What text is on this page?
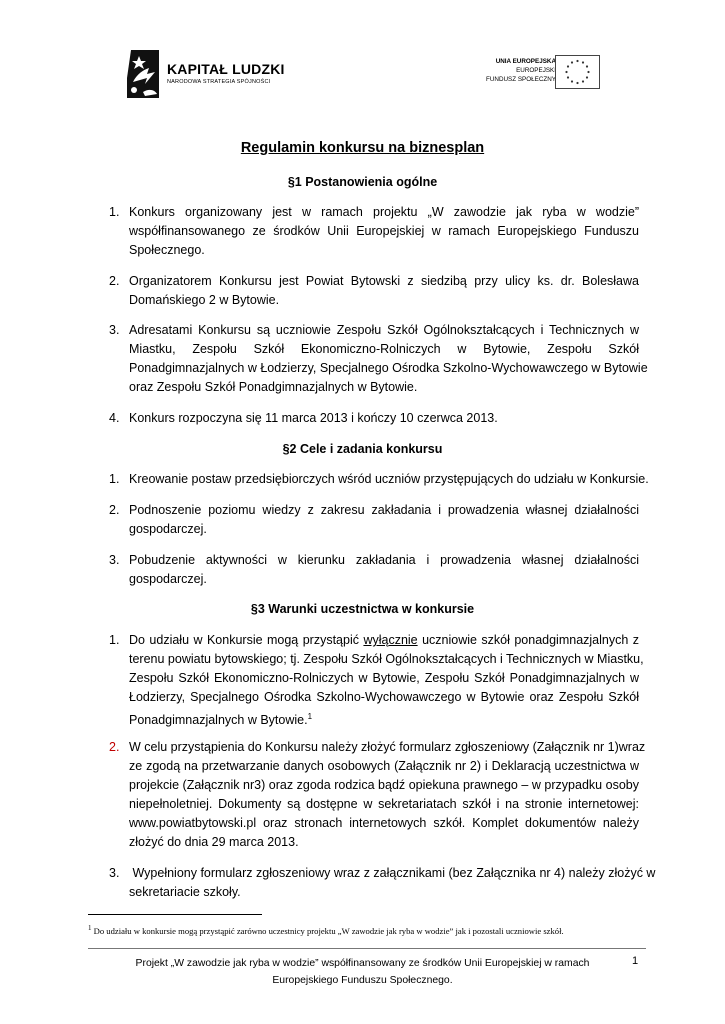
KAPITAŁ LUDZKI
NARODOWA STRATEGIA SPÓJNOŚCI
UNIA EUROPEJSKA
EUROPEJSKI
FUNDUSZ SPOŁECZNY
Regulamin konkursu na biznesplan
§1 Postanowienia ogólne
1. Konkurs organizowany jest w ramach projektu „W zawodzie jak ryba w wodzie”
współfinansowanego ze środków Unii Europejskiej w ramach Europejskiego Funduszu
Społecznego.
2. Organizatorem Konkursu jest Powiat Bytowski z siedzibą przy ulicy ks. dr. Bolesława
Domańskiego 2 w Bytowie.
3. Adresatami Konkursu są uczniowie Zespołu Szkół Ogólnokształcących i Technicznych w
Miastku, Zespołu Szkół Ekonomiczno-Rolniczych w Bytowie, Zespołu Szkół
Ponadgimnazjalnych w Łodzierzy, Specjalnego Ośrodka Szkolno-Wychowawczego w Bytowie
oraz Zespołu Szkół Ponadgimnazjalnych w Bytowie.
4. Konkurs rozpoczyna się 11 marca 2013 i kończy 10 czerwca 2013.
§2 Cele i zadania konkursu
1. Kreowanie postaw przedsiębiorczych wśród uczniów przystępujących do udziału w Konkursie.
2. Podnoszenie poziomu wiedzy z zakresu zakładania i prowadzenia własnej działalności
gospodarczej.
3. Pobudzenie aktywności w kierunku zakładania i prowadzenia własnej działalności
gospodarczej.
§3 Warunki uczestnictwa w konkursie
1. Do udziału w Konkursie mogą przystąpić wyłącznie uczniowie szkół ponadgimnazjalnych z
terenu powiatu bytowskiego; tj. Zespołu Szkół Ogólnokształcących i Technicznych w Miastku,
Zespołu Szkół Ekonomiczno-Rolniczych w Bytowie, Zespołu Szkół Ponadgimnazjalnych w
Łodzierzy, Specjalnego Ośrodka Szkolno-Wychowawczego w Bytowie oraz Zespołu Szkół
Ponadgimnazjalnych w Bytowie.$^1$
2. W celu przystąpienia do Konkursu należy złożyć formularz zgłoszeniowy (Załącznik nr 1)wraz
ze zgodą na przetwarzanie danych osobowych (Załącznik nr 2) i Deklaracją uczestnictwa w
projekcie (Załącznik nr3) oraz zgoda rodzica bądź opiekuna prawnego – w przypadku osoby
niepełnoletniej. Dokumenty są dostępne w sekretariatach szkół i na stronie internetowej:
www.powiatbytowski.pl oraz stronach internetowych szkół. Komplet dokumentów należy
złożyć do dnia 29 marca 2013.
3. Wypełniony formularz zgłoszeniowy wraz z załącznikami (bez Załącznika nr 4) należy złożyć w
sekretariacie szkoły.
$^1$ Do udziału w konkursie mogą przystąpić zarówno uczestnicy projektu „W zawodzie jak ryba w wodzie” jak i pozostali uczniowie szkół.
Projekt „W zawodzie jak ryba w wodzie” współfinansowany ze środków Unii Europejskiej w ramach
Europejskiego Funduszu Społecznego.
1
